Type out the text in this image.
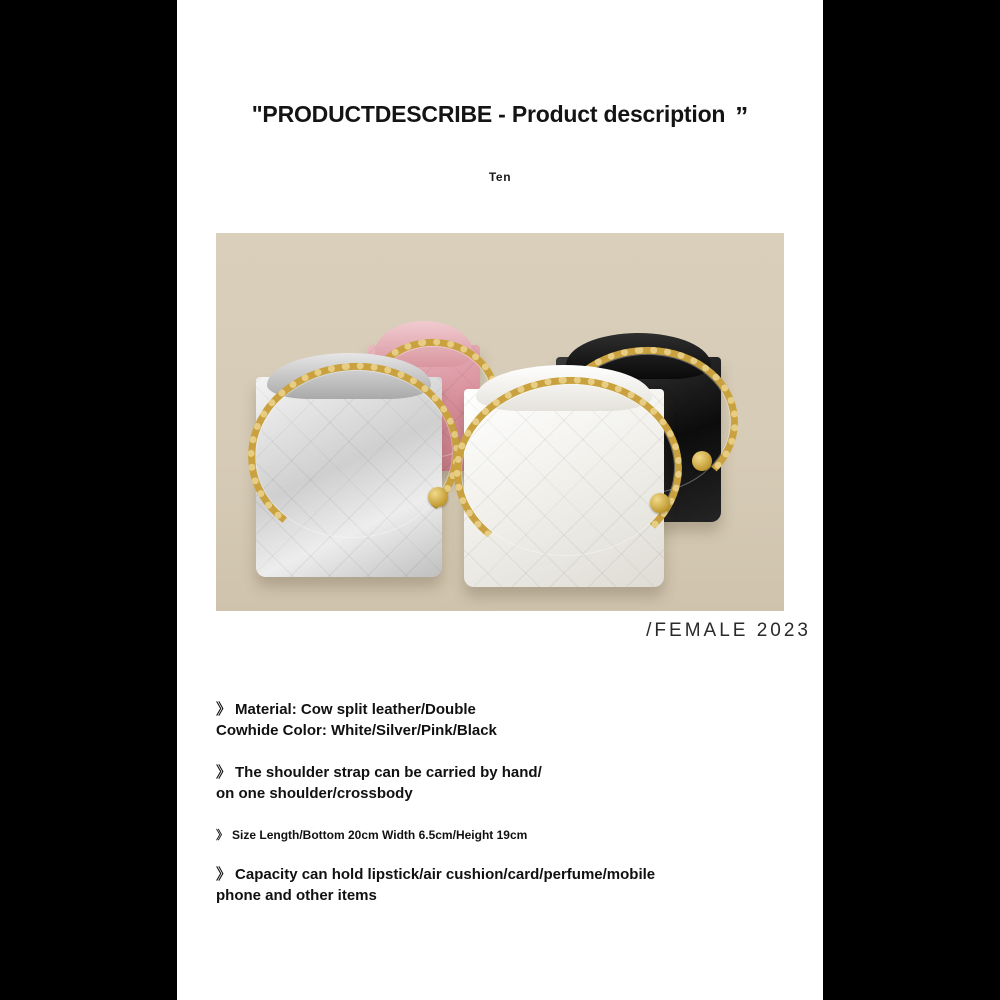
"PRODUCTDESCRIBE - Product description ”
Ten
/FEMALE 2023
》 Material: Cow split leather/Double
Cowhide Color: White/Silver/Pink/Black
》 The shoulder strap can be carried by hand/
on one shoulder/crossbody
》 Size Length/Bottom 20cm Width 6.5cm/Height 19cm
》 Capacity can hold lipstick/air cushion/card/perfume/mobile
phone and other items
